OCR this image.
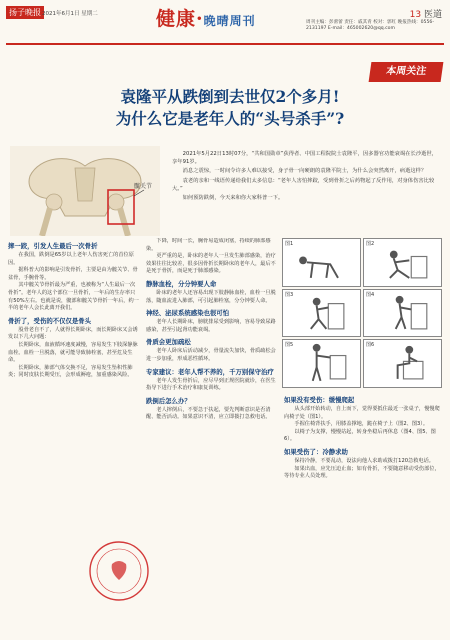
扬子晚报 2021年6月1日 星期二	健康·晚晴周刊	13 医道
周刊主编：彭蕾蕾 责任：戚其青 校对：郭红 晚报热线：0556-2131197 E-mail：465002620@qq.com
本周关注
袁隆平从跌倒到去世仅2个多月!
为什么它是老年人的“头号杀手”?
髋关节

2021年5月22日13时07分，“共和国勋章”获得者、中国工程院院士袁隆平，因多器官功能衰竭在长沙逝世，享年91岁。

消息之震惊，一时间令许多人难以接受，身子骨一向硬朗的袁隆平院士，为什么会突然离开，病逝这样？

袁老的亲和一线语传递给我们太多信息：“老年人害怕摔跤，受到骨折之后药物起了反作用，对身体伤害比较大。”

如何预防跌倒，今天来和你大家科普一下。

摔一跤，引发人生最后一次骨折

在我国，跌倒是65岁以上老年人伤害死亡的首位原因。

据科普大的影响是引发骨折，主要是由为髋关节、骨盆骨，手腕骨等。

其中髋关节骨折最为严重，也被称为“人生最后一次骨折”。老年人的这个部位一旦骨折，一年后的生存率只有50%左右。也就是说，髋部和髋关节骨折一年后，约一半的老年人会长此离开我们。

骨折了，受伤的不仅仅是骨头

股骨老自不了，人就得长期卧床，而长期卧床又会诱发以下几大问题：

长期卧床，血液循环速度减慢，容易发生下肢深静脉血栓。血栓一旦脱落，就可能导致肺栓塞，甚至危及生命。

长期卧床，肺部气体交换不足，容易发生坠积性肺炎；同时皮肤长期受压，会形成褥疮，加重感染风险。

下降，时间一长，胸骨易造成闭塞，持续的肺部感染。

更严重的是，卧床的老年人一旦发生肺部感染，治疗效果往往比较差，很多因骨折长期卧床的老年人，最后不是死于骨折，而是死于肺部感染。

静脉血栓，分分钟要人命

卧床的老年人还容易出现下肢静脉血栓，血栓一旦脱落，随血流进入肺部，可引起肺栓塞，分分钟要人命。

神经、泌尿系统感染也很可怕

老年人长期卧床，膀胱排尿受到影响，容易导致尿路感染，甚至引起肾功能衰竭。

骨质会更加疏松

老年人卧床后活动减少，骨量流失加快，骨质疏松会进一步加重，形成恶性循环。

专家建议：老年人帮不养的，千万别保守治疗

老年人发生骨折后，应尽早到正规医院就诊，在医生指导下进行手术治疗和康复训练。

跌倒后怎么办？

老人摔倒后，不要急于扶起，要先判断意识是否清醒、能否活动。如果意识不清，应立即拨打急救电话。

图1	图2
图3	图4
图5	图6

如果没有受伤：缓慢爬起

从头部开始转动，自上而下，觉得要抵住最近一张桌子，慢慢爬向椅子处（图1）。

手握住椅背扶手，用膝盖撑地，跪在椅子上（图2、图3）。

以椅子为支撑，慢慢站起，转身坐稳后再休息（图4、图5、图6）。

如果受伤了：冷静求助

保持冷静，不要乱动，设法向他人求助或拨打120急救电话。

如果出血，应先压迫止血；如有骨折，不要随意移动受伤部位，等待专业人员处理。
